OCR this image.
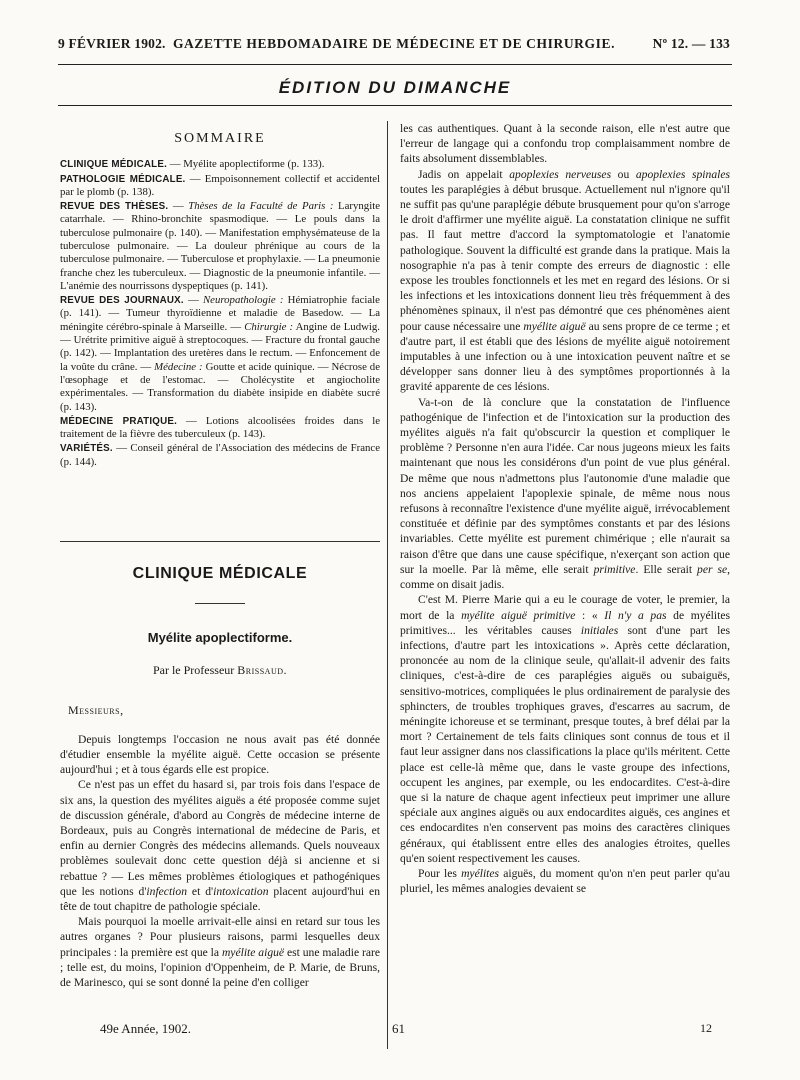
9 FÉVRIER 1902. GAZETTE HEBDOMADAIRE DE MÉDECINE ET DE CHIRURGIE.	Nº 12. — 133
ÉDITION DU DIMANCHE
SOMMAIRE
CLINIQUE MÉDICALE. — Myélite apoplectiforme (p. 133).
PATHOLOGIE MÉDICALE. — Empoisonnement collectif et accidentel par le plomb (p. 138).
REVUE DES THÈSES. — Thèses de la Faculté de Paris : Laryngite catarrhale. — Rhino-bronchite spasmodique. — Le pouls dans la tuberculose pulmonaire (p. 140). — Manifestation emphysémateuse de la tuberculose pulmonaire. — La douleur phrénique au cours de la tuberculose pulmonaire. — Tuberculose et prophylaxie. — La pneumonie franche chez les tuberculeux. — Diagnostic de la pneumonie infantile. — L'anémie des nourrissons dyspeptiques (p. 141).
REVUE DES JOURNAUX. — Neuropathologie : Hémiatrophie faciale (p. 141). — Tumeur thyroïdienne et maladie de Basedow. — La méningite cérébro-spinale à Marseille. — Chirurgie : Angine de Ludwig. — Urétrite primitive aiguë à streptocoques. — Fracture du frontal gauche (p. 142). — Implantation des uretères dans le rectum. — Enfoncement de la voûte du crâne. — Médecine : Goutte et acide quinique. — Nécrose de l'œsophage et de l'estomac. — Cholécystite et angiocholite expérimentales. — Transformation du diabète insipide en diabète sucré (p. 143).
MÉDECINE PRATIQUE. — Lotions alcoolisées froides dans le traitement de la fièvre des tuberculeux (p. 143).
VARIÉTÉS. — Conseil général de l'Association des médecins de France (p. 144).
CLINIQUE MÉDICALE
Myélite apoplectiforme.
Par le Professeur Brissaud.
Messieurs,

Depuis longtemps l'occasion ne nous avait pas été donnée d'étudier ensemble la myélite aiguë. Cette occasion se présente aujourd'hui ; et à tous égards elle est propice.

Ce n'est pas un effet du hasard si, par trois fois dans l'espace de six ans, la question des myélites aiguës a été proposée comme sujet de discussion générale, d'abord au Congrès de médecine interne de Bordeaux, puis au Congrès international de médecine de Paris, et enfin au dernier Congrès des médecins allemands. Quels nouveaux problèmes soulevait donc cette question déjà si ancienne et si rebattue ? — Les mêmes problèmes étiologiques et pathogéniques que les notions d'infection et d'intoxication placent aujourd'hui en tête de tout chapitre de pathologie spéciale.

Mais pourquoi la moelle arrivait-elle ainsi en retard sur tous les autres organes ? Pour plusieurs raisons, parmi lesquelles deux principales : la première est que la myélite aiguë est une maladie rare ; telle est, du moins, l'opinion d'Oppenheim, de P. Marie, de Bruns, de Marinesco, qui se sont donné la peine d'en colliger

les cas authentiques. Quant à la seconde raison, elle n'est autre que l'erreur de langage qui a confondu trop complaisamment nombre de faits absolument dissemblables.

Jadis on appelait apoplexies nerveuses ou apoplexies spinales toutes les paraplégies à début brusque. Actuellement nul n'ignore qu'il ne suffit pas qu'une paraplégie débute brusquement pour qu'on s'arroge le droit d'affirmer une myélite aiguë. La constatation clinique ne suffit pas. Il faut mettre d'accord la symptomatologie et l'anatomie pathologique. Souvent la difficulté est grande dans la pratique. Mais la nosographie n'a pas à tenir compte des erreurs de diagnostic : elle expose les troubles fonctionnels et les met en regard des lésions. Or si les infections et les intoxications donnent lieu très fréquemment à des phénomènes spinaux, il n'est pas démontré que ces phénomènes aient pour cause nécessaire une myélite aiguë au sens propre de ce terme ; et d'autre part, il est établi que des lésions de myélite aiguë notoirement imputables à une infection ou à une intoxication peuvent naître et se développer sans donner lieu à des symptômes proportionnés à la gravité apparente de ces lésions.

Va-t-on de là conclure que la constatation de l'influence pathogénique de l'infection et de l'intoxication sur la production des myélites aiguës n'a fait qu'obscurcir la question et compliquer le problème ? Personne n'en aura l'idée. Car nous jugeons mieux les faits maintenant que nous les considérons d'un point de vue plus général. De même que nous n'admettons plus l'autonomie d'une maladie que nos anciens appelaient l'apoplexie spinale, de même nous nous refusons à reconnaître l'existence d'une myélite aiguë, irrévocablement constituée et définie par des symptômes constants et par des lésions invariables. Cette myélite est purement chimérique ; elle n'aurait sa raison d'être que dans une cause spécifique, n'exerçant son action que sur la moelle. Par là même, elle serait primitive. Elle serait per se, comme on disait jadis.

C'est M. Pierre Marie qui a eu le courage de voter, le premier, la mort de la myélite aiguë primitive : « Il n'y a pas de myélites primitives... les véritables causes initiales sont d'une part les infections, d'autre part les intoxications ». Après cette déclaration, prononcée au nom de la clinique seule, qu'allait-il advenir des faits cliniques, c'est-à-dire de ces paraplégies aiguës ou subaiguës, sensitivo-motrices, compliquées le plus ordinairement de paralysie des sphincters, de troubles trophiques graves, d'escarres au sacrum, de méningite ichoreuse et se terminant, presque toutes, à bref délai par la mort ? Certainement de tels faits cliniques sont connus de tous et il faut leur assigner dans nos classifications la place qu'ils méritent. Cette place est celle-là même que, dans le vaste groupe des infections, occupent les angines, par exemple, ou les endocardites. C'est-à-dire que si la nature de chaque agent infectieux peut imprimer une allure spéciale aux angines aiguës ou aux endocardites aiguës, ces angines et ces endocardites n'en conservent pas moins des caractères cliniques généraux, qui établissent entre elles des analogies étroites, quelles qu'en soient respectivement les causes.

Pour les myélites aiguës, du moment qu'on n'en peut parler qu'au pluriel, les mêmes analogies devaient se

49e Année, 1902.	61	12
